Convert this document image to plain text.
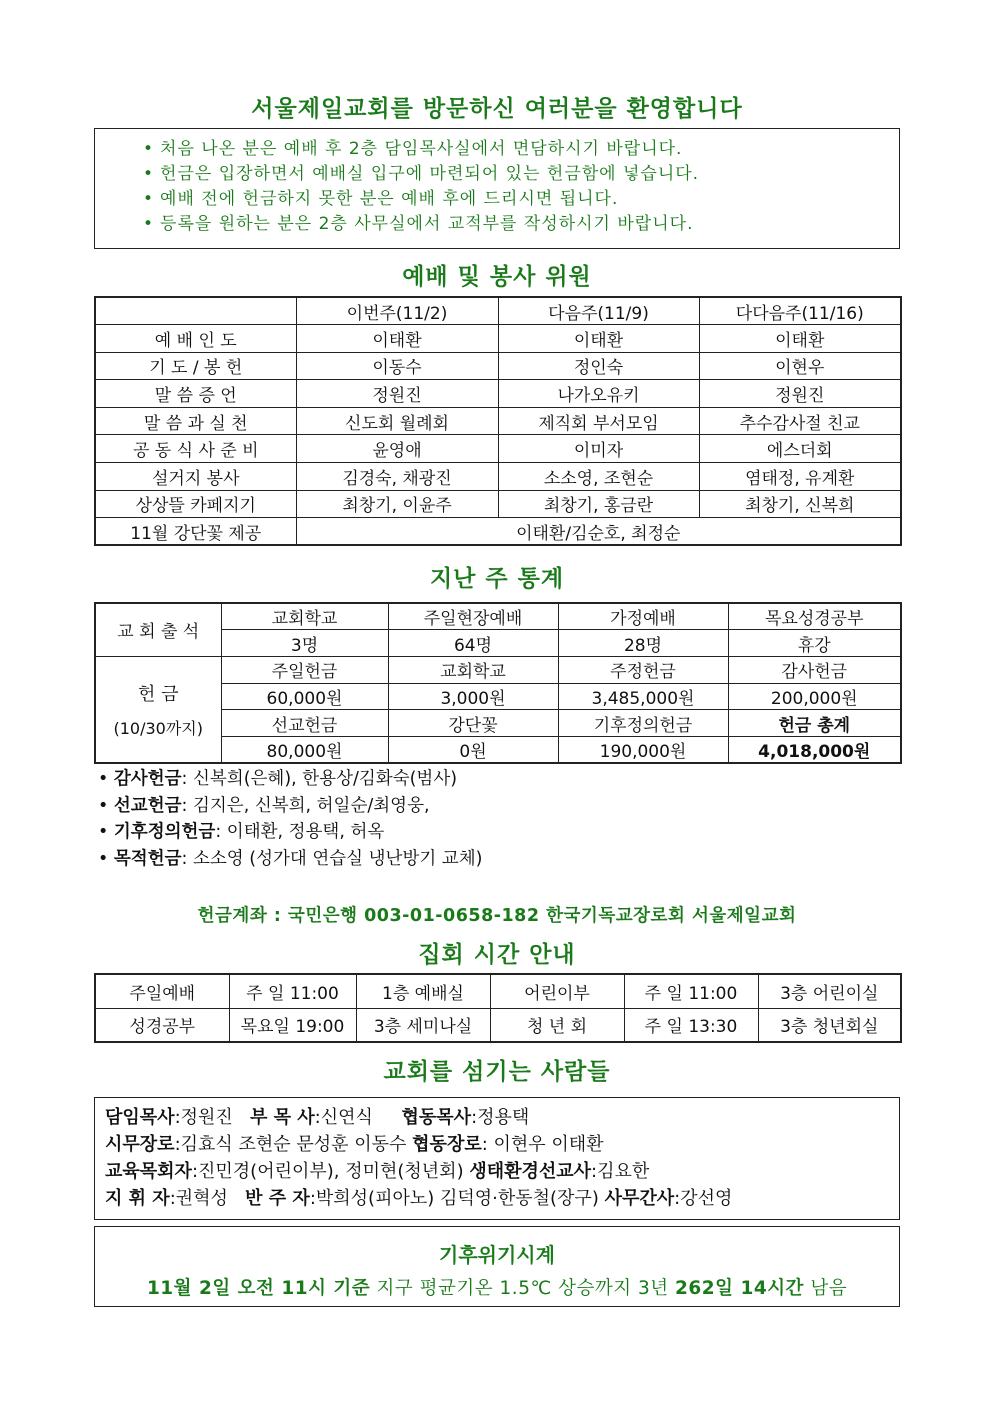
서울제일교회를 방문하신 여러분을 환영합니다
• 처음 나온 분은 예배 후 2층 담임목사실에서 면담하시기 바랍니다.
• 헌금은 입장하면서 예배실 입구에 마련되어 있는 헌금함에 넣습니다.
• 예배 전에 헌금하지 못한 분은 예배 후에 드리시면 됩니다.
• 등록을 원하는 분은 2층 사무실에서 교적부를 작성하시기 바랍니다.
예배 및 봉사 위원
	이번주(11/2)	다음주(11/9)	다다음주(11/16)
예 배 인 도	이태환	이태환	이태환
기 도 / 봉 헌	이동수	정인숙	이현우
말 씀 증 언	정원진	나가오유키	정원진
말 씀 과 실 천	신도회 월례회	제직회 부서모임	추수감사절 친교
공 동 식 사 준 비	윤영애	이미자	에스더회
설거지 봉사	김경숙, 채광진	소소영, 조현순	염태정, 유계환
상상뜰 카페지기	최창기, 이윤주	최창기, 홍금란	최창기, 신복희
11월 강단꽃 제공	이태환/김순호, 최정순		
지난 주 통계
교 회 출 석	교회학교	주일현장예배	가정예배	목요성경공부
	3명	64명	28명	휴강

헌 금
(10/30까지)	주일헌금	교회학교	주정헌금	감사헌금
	60,000원	3,000원	3,485,000원	200,000원
	선교헌금	강단꽃	기후정의헌금	헌금 총계
	80,000원	0원	190,000원	4,018,000원
• 감사헌금: 신복희(은혜), 한용상/김화숙(범사)
• 선교헌금: 김지은, 신복희, 허일순/최영웅,
• 기후정의헌금: 이태환, 정용택, 허옥
• 목적헌금: 소소영 (성가대 연습실 냉난방기 교체)
헌금계좌 : 국민은행 003-01-0658-182 한국기독교장로회 서울제일교회
집회 시간 안내
주일예배	주 일 11:00	1층 예배실	어린이부	주 일 11:00	3층 어린이실
성경공부	목요일 19:00	3층 세미나실	청 년 회	주 일 13:30	3층 청년회실
교회를 섬기는 사람들
담임목사:정원진   부 목 사:신연식     협동목사:정용택
시무장로:김효식 조현순 문성훈 이동수 협동장로: 이현우 이태환
교육목회자:진민경(어린이부), 정미현(청년회) 생태환경선교사:김요한
지 휘 자:권혁성   반 주 자:박희성(피아노) 김덕영·한동철(장구) 사무간사:강선영
기후위기시계
11월 2일 오전 11시 기준 지구 평균기온 1.5℃ 상승까지 3년 262일 14시간 남음
